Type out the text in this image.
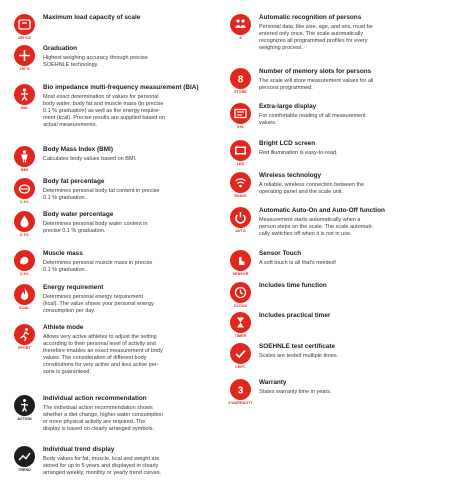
150 KG
Maximum load capacity of scale
100 G
Graduation
Highest weighing accuracy through precise
SOEHNLE technology.
BIA
Bio impedance multi-frequency measurement (BIA)
Most exact determination of values for personal
body water, body fat and muscle mass (in precise
0.1 % graduation) as well as the energy require-
ment (kcal). Precise results are supplied based on
actual measurements.
BMI
Body Mass Index (BMI)
Calculates body values based on BMI.
0.1%
Body fat percentage
Determines personal body fat content in precise
0.1 % graduation.
0.1%
Body water percentage
Determines personal body water content in
precise 0.1 % graduation.
0.1%
Muscle mass
Determines personal muscle mass in precise
0.1 % graduation.
KCAL
Energy requirement
Determines personal energy requirement
(kcal). The value shows your personal energy
consumption per day.
SPORT
Athlete mode
Allows very active athletes to adjust the setting
according to their personal level of activity and
therefore enables an exact measurement of body
values. The consideration of different body
constitutions for very active and less active per-
sons is guaranteed.
ACTION
Individual action recommendation
The individual action recommendation shows
whether a diet change, higher water consumption
or more physical activity are required. The
display is based on clearly arranged symbols.
TREND
Individual trend display
Body values for fat, muscle, kcal and weight are
stored for up to 5 years and displayed in clearly
arranged weekly, monthly or yearly trend curves.
8
Automatic recognition of persons
Personal data, like size, age, and sex, must be
entered only once. The scale automatically
recognizes all programmed profiles for every
weighing process.
8
STORE
Number of memory slots for persons
The scale will store measurement values for all
persons programmed.
XXL
Extra-large display
For comfortable reading of all measurement
values.
LED
Bright LCD screen
Red illumination is easy-to-read.
RADIO
Wireless technology
A reliable, wireless connection between the
operating panel and the scale unit.
AUTO
Automatic Auto-On and Auto-Off function
Measurement starts automatically when a
person steps on the scale. The scale automati-
cally switches off when it is not in use.
SENSOR
Sensor Touch
A soft touch is all that's needed!
CLOCK
Includes time function
TIMER
Includes practical timer
CERT.
SOEHNLE test certificate
Scales are tested multiple times.
3
3 WARRANTY
Warranty
States warranty time in years.
